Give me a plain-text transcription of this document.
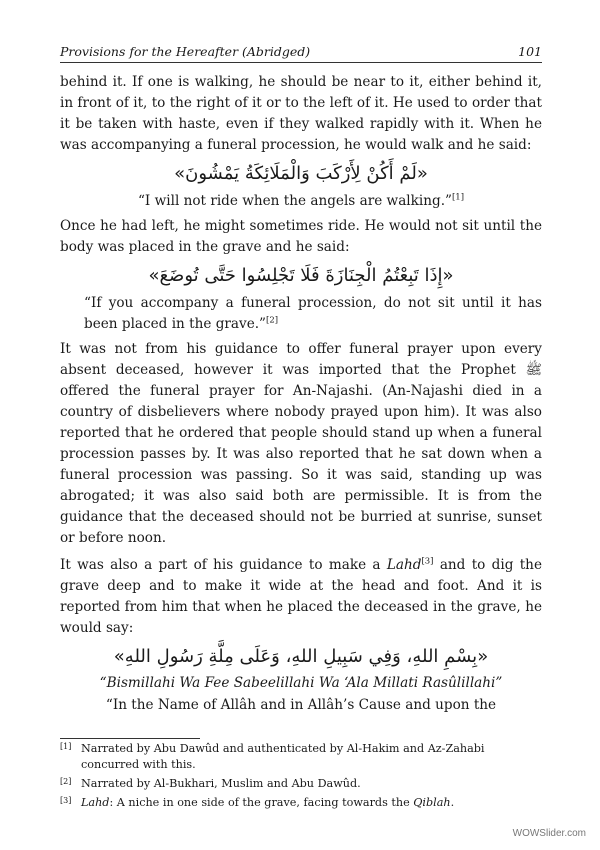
Provisions for the Hereafter (Abridged)	101

behind it. If one is walking, he should be near to it, either behind it, in front of it, to the right of it or to the left of it. He used to order that it be taken with haste, even if they walked rapidly with it. When he was accompanying a funeral procession, he would walk and he said:

«لَمْ أَكُنْ لِأَرْكَبَ وَالْمَلَائِكَةُ يَمْشُونَ»

“I will not ride when the angels are walking.”[1]

Once he had left, he might sometimes ride. He would not sit until the body was placed in the grave and he said:

«إِذَا تَبِعْتُمُ الْجِنَازَةَ فَلَا تَجْلِسُوا حَتَّى تُوضَعَ»

“If you accompany a funeral procession, do not sit until it has been placed in the grave.”[2]

It was not from his guidance to offer funeral prayer upon every absent deceased, however it was imported that the Prophet ﷺ offered the funeral prayer for An-Najashi. (An-Najashi died in a country of disbelievers where nobody prayed upon him). It was also reported that he ordered that people should stand up when a funeral procession passes by. It was also reported that he sat down when a funeral procession was passing. So it was said, standing up was abrogated; it was also said both are permissible. It is from the guidance that the deceased should not be burried at sunrise, sunset or before noon.

It was also a part of his guidance to make a Lahd[3] and to dig the grave deep and to make it wide at the head and foot. And it is reported from him that when he placed the deceased in the grave, he would say:

«بِسْمِ اللهِ، وَفِي سَبِيلِ اللهِ، وَعَلَى مِلَّةِ رَسُولِ اللهِ»

“Bismillahi Wa Fee Sabeelillahi Wa ‘Ala Millati Rasûlillahi”

“In the Name of Allâh and in Allâh’s Cause and upon the

[1] Narrated by Abu Dawûd and authenticated by Al-Hakim and Az-Zahabi concurred with this.
[2] Narrated by Al-Bukhari, Muslim and Abu Dawûd.
[3] Lahd: A niche in one side of the grave, facing towards the Qiblah.
WOWSlider.com
